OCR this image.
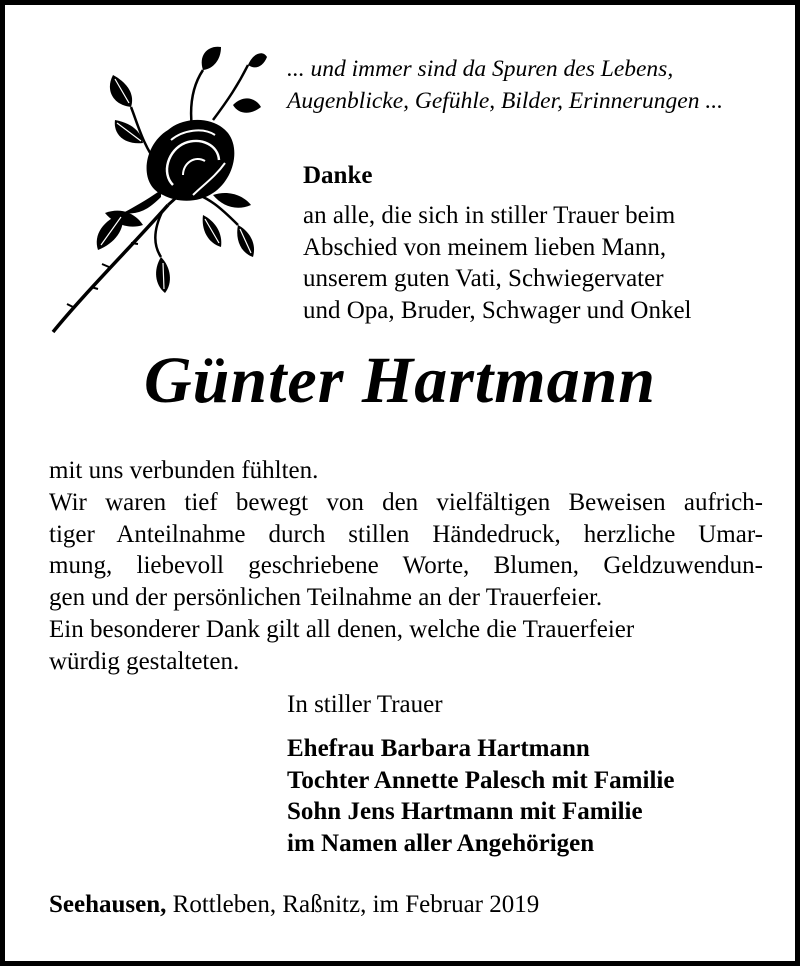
... und immer sind da Spuren des Lebens,
Augenblicke, Gefühle, Bilder, Erinnerungen ...
Danke
an alle, die sich in stiller Trauer beim
Abschied von meinem lieben Mann,
unserem guten Vati, Schwiegervater
und Opa, Bruder, Schwager und Onkel
Günter Hartmann
mit uns verbunden fühlten.
Wir waren tief bewegt von den vielfältigen Beweisen aufrich-
tiger Anteilnahme durch stillen Händedruck, herzliche Umar-
mung, liebevoll geschriebene Worte, Blumen, Geldzuwendun-
gen und der persönlichen Teilnahme an der Trauerfeier.
Ein besonderer Dank gilt all denen, welche die Trauerfeier
würdig gestalteten.
In stiller Trauer
Ehefrau Barbara Hartmann
Tochter Annette Palesch mit Familie
Sohn Jens Hartmann mit Familie
im Namen aller Angehörigen
Seehausen, Rottleben, Raßnitz, im Februar 2019
